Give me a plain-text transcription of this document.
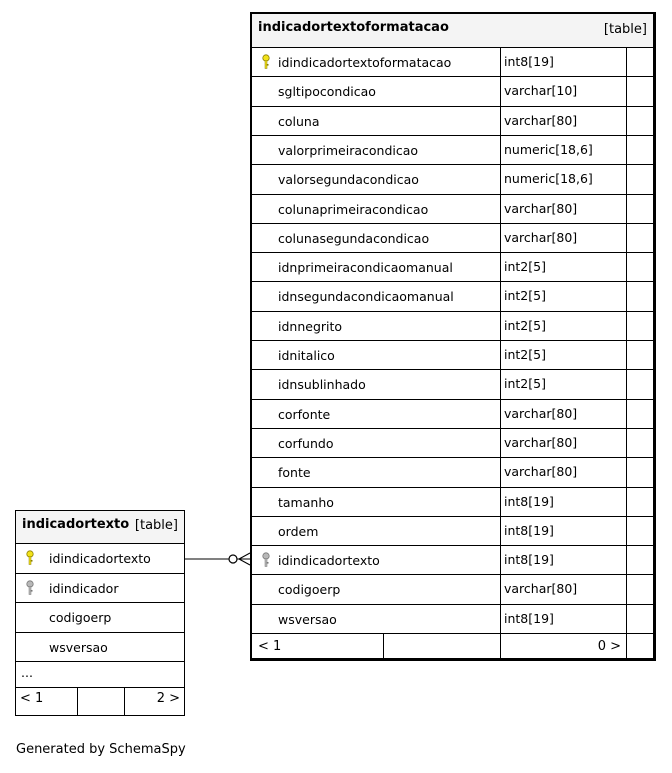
indicadortextoformatacao	[table]
idindicadortextoformatacao	int8[19]
sgltipocondicao	varchar[10]
coluna	varchar[80]
valorprimeiracondicao	numeric[18,6]
valorsegundacondicao	numeric[18,6]
colunaprimeiracondicao	varchar[80]
colunasegundacondicao	varchar[80]
idnprimeiracondicaomanual	int2[5]
idnsegundacondicaomanual	int2[5]
idnnegrito	int2[5]
idnitalico	int2[5]
idnsublinhado	int2[5]
corfonte	varchar[80]
corfundo	varchar[80]
fonte	varchar[80]
tamanho	int8[19]
ordem	int8[19]
idindicadortexto	int8[19]
codigoerp	varchar[80]
wsversao	int8[19]
< 1	0 >
indicadortexto [table]
idindicadortexto
idindicador
codigoerp
wsversao
...
< 1	2 >
Generated by SchemaSpy
